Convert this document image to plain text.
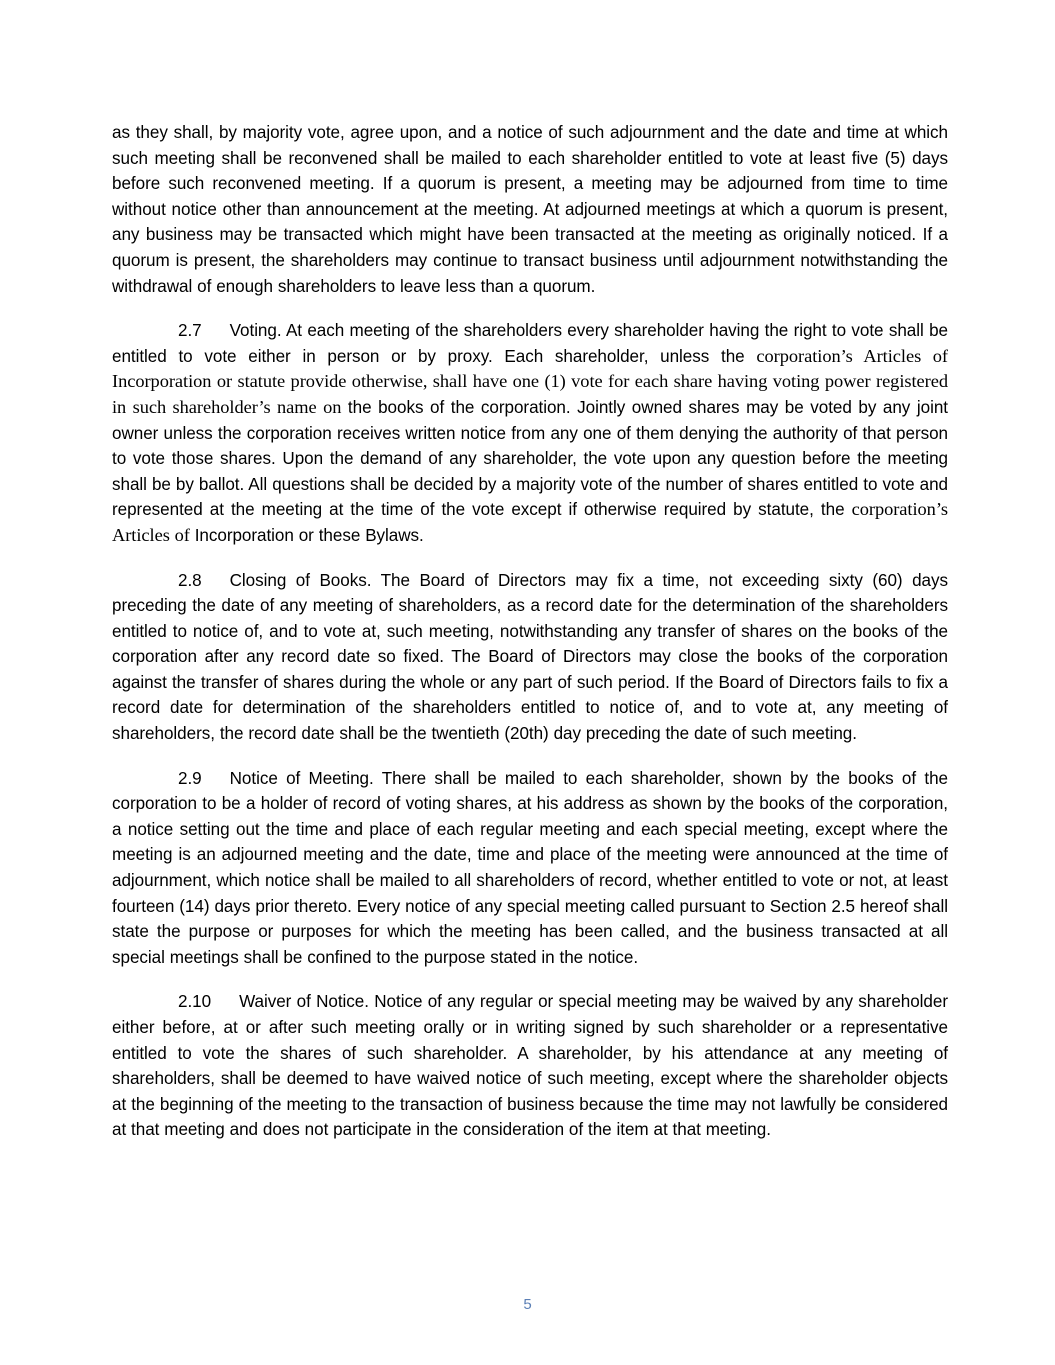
as they shall, by majority vote, agree upon, and a notice of such adjournment and the date and time at which such meeting shall be reconvened shall be mailed to each shareholder entitled to vote at least five (5) days before such reconvened meeting. If a quorum is present, a meeting may be adjourned from time to time without notice other than announcement at the meeting. At adjourned meetings at which a quorum is present, any business may be transacted which might have been transacted at the meeting as originally noticed. If a quorum is present, the shareholders may continue to transact business until adjournment notwithstanding the withdrawal of enough shareholders to leave less than a quorum.

2.7 Voting. At each meeting of the shareholders every shareholder having the right to vote shall be entitled to vote either in person or by proxy. Each shareholder, unless the corporation’s Articles of Incorporation or statute provide otherwise, shall have one (1) vote for each share having voting power registered in such shareholder’s name on the books of the corporation. Jointly owned shares may be voted by any joint owner unless the corporation receives written notice from any one of them denying the authority of that person to vote those shares. Upon the demand of any shareholder, the vote upon any question before the meeting shall be by ballot. All questions shall be decided by a majority vote of the number of shares entitled to vote and represented at the meeting at the time of the vote except if otherwise required by statute, the corporation’s Articles of Incorporation or these Bylaws.

2.8 Closing of Books. The Board of Directors may fix a time, not exceeding sixty (60) days preceding the date of any meeting of shareholders, as a record date for the determination of the shareholders entitled to notice of, and to vote at, such meeting, notwithstanding any transfer of shares on the books of the corporation after any record date so fixed. The Board of Directors may close the books of the corporation against the transfer of shares during the whole or any part of such period. If the Board of Directors fails to fix a record date for determination of the shareholders entitled to notice of, and to vote at, any meeting of shareholders, the record date shall be the twentieth (20th) day preceding the date of such meeting.

2.9 Notice of Meeting. There shall be mailed to each shareholder, shown by the books of the corporation to be a holder of record of voting shares, at his address as shown by the books of the corporation, a notice setting out the time and place of each regular meeting and each special meeting, except where the meeting is an adjourned meeting and the date, time and place of the meeting were announced at the time of adjournment, which notice shall be mailed to all shareholders of record, whether entitled to vote or not, at least fourteen (14) days prior thereto. Every notice of any special meeting called pursuant to Section 2.5 hereof shall state the purpose or purposes for which the meeting has been called, and the business transacted at all special meetings shall be confined to the purpose stated in the notice.

2.10 Waiver of Notice. Notice of any regular or special meeting may be waived by any shareholder either before, at or after such meeting orally or in writing signed by such shareholder or a representative entitled to vote the shares of such shareholder. A shareholder, by his attendance at any meeting of shareholders, shall be deemed to have waived notice of such meeting, except where the shareholder objects at the beginning of the meeting to the transaction of business because the time may not lawfully be considered at that meeting and does not participate in the consideration of the item at that meeting.

5
